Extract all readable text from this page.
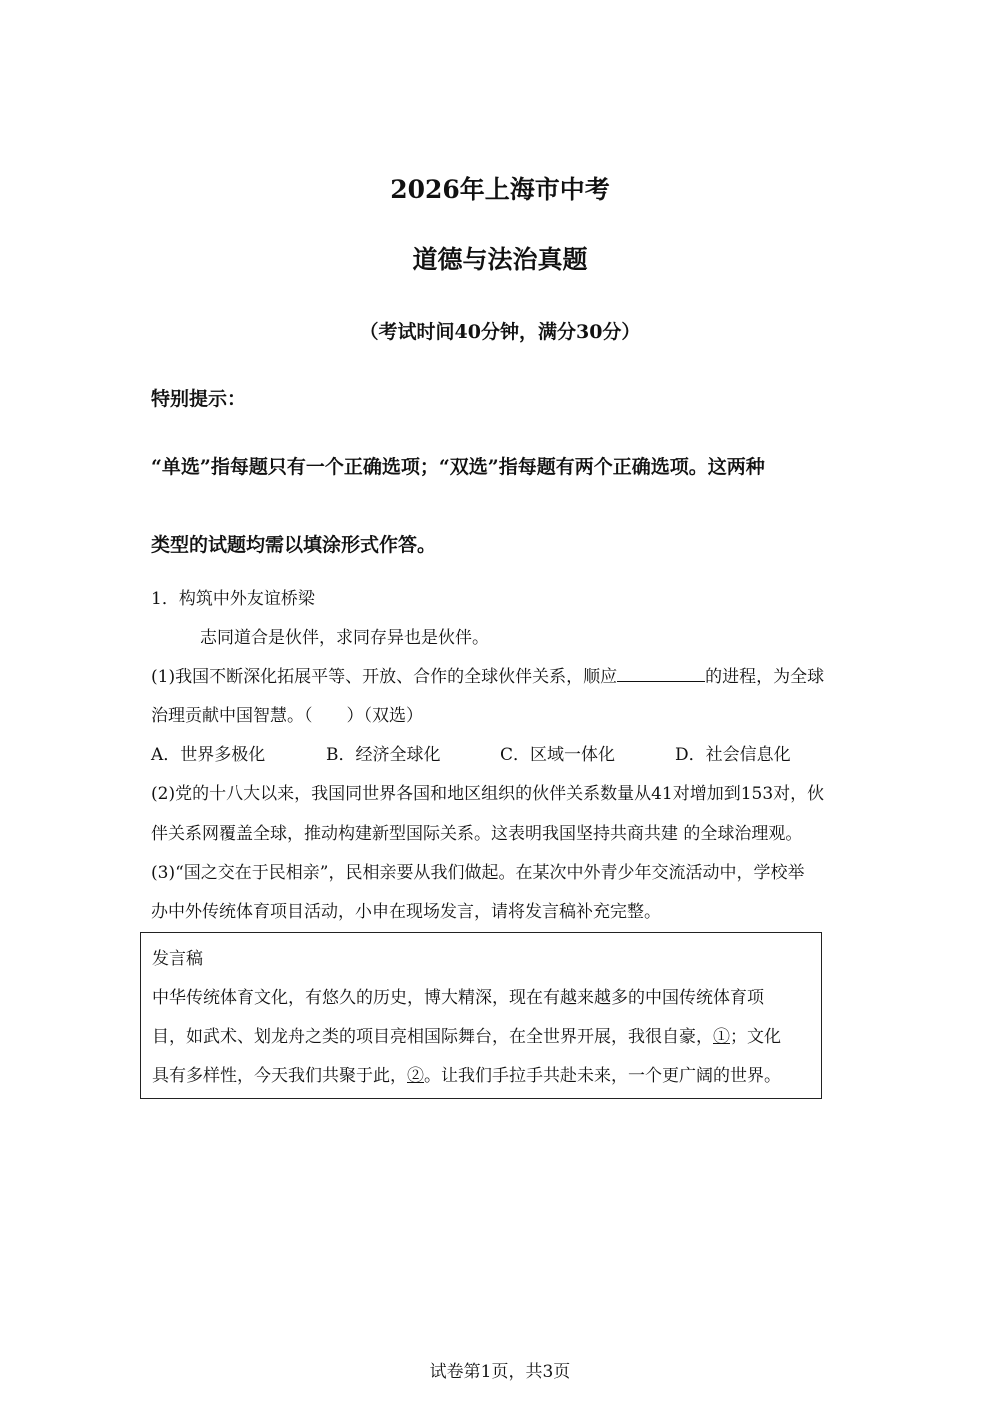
2026年上海市中考
道德与法治真题
（考试时间40分钟，满分30分）
特别提示：
“单选”指每题只有一个正确选项；“双选”指每题有两个正确选项。这两种
类型的试题均需以填涂形式作答。
1．构筑中外友谊桥梁
志同道合是伙伴，求同存异也是伙伴。
(1)我国不断深化拓展平等、开放、合作的全球伙伴关系，顺应	的进程，为全球
治理贡献中国智慧。（　　）（双选）
A．世界多极化	B．经济全球化	C．区域一体化	D．社会信息化
(2)党的十八大以来，我国同世界各国和地区组织的伙伴关系数量从41对增加到153对，伙
伴关系网覆盖全球，推动构建新型国际关系。这表明我国坚持共商共建 的全球治理观。
(3)“国之交在于民相亲”，民相亲要从我们做起。在某次中外青少年交流活动中，学校举
办中外传统体育项目活动，小申在现场发言，请将发言稿补充完整。
发言稿
中华传统体育文化，有悠久的历史，博大精深，现在有越来越多的中国传统体育项
目，如武术、划龙舟之类的项目亮相国际舞台，在全世界开展，我很自豪，①；文化
具有多样性，今天我们共聚于此，②。让我们手拉手共赴未来，一个更广阔的世界。
试卷第1页，共3页
